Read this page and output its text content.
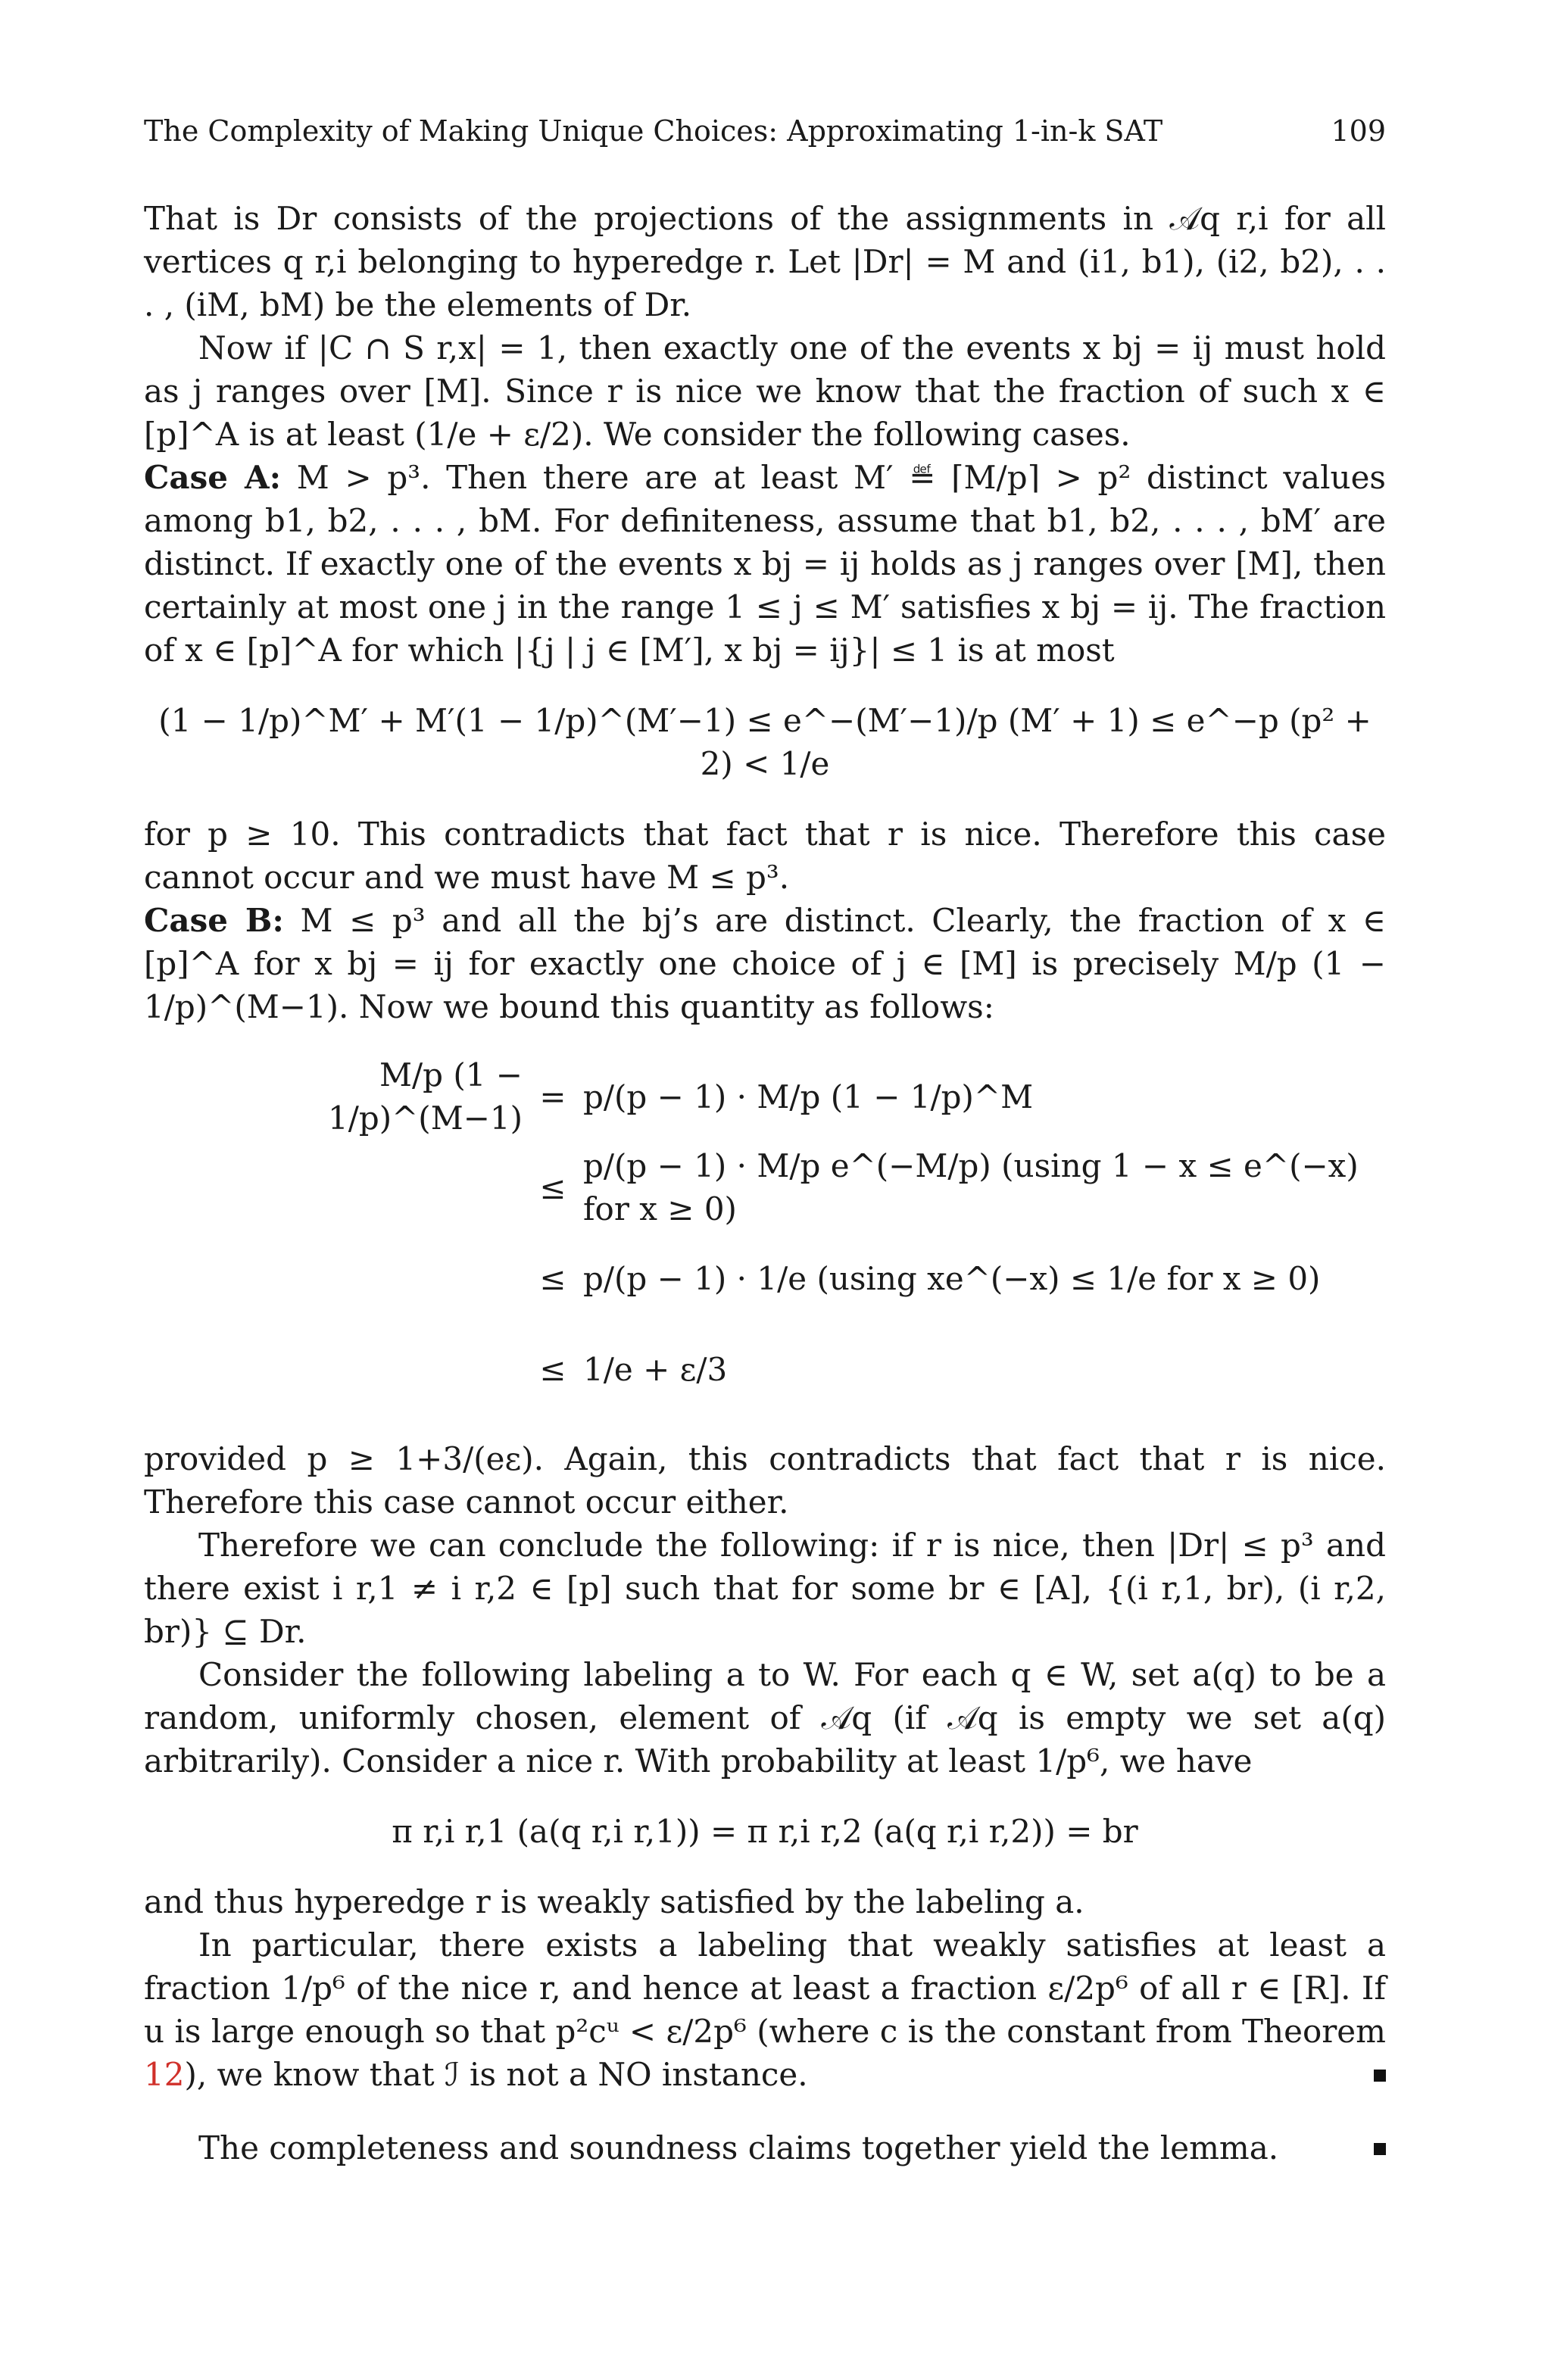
The Complexity of Making Unique Choices: Approximating 1-in-k SAT	109

That is Dr consists of the projections of the assignments in 𝒜q r,i for all vertices q r,i belonging to hyperedge r. Let |Dr| = M and (i1, b1), (i2, b2), . . . , (iM, bM) be the elements of Dr.

Now if |C ∩ S r,x| = 1, then exactly one of the events x bj = ij must hold as j ranges over [M]. Since r is nice we know that the fraction of such x ∈ [p]^A is at least (1/e + ε/2). We consider the following cases.

Case A: M > p³. Then there are at least M′ ≝ ⌈M/p⌉ > p² distinct values among b1, b2, . . . , bM. For definiteness, assume that b1, b2, . . . , bM′ are distinct. If exactly one of the events x bj = ij holds as j ranges over [M], then certainly at most one j in the range 1 ≤ j ≤ M′ satisfies x bj = ij. The fraction of x ∈ [p]^A for which |{j | j ∈ [M′], x bj = ij}| ≤ 1 is at most

(1 − 1/p)^M′ + M′(1 − 1/p)^(M′−1) ≤ e^−(M′−1)/p (M′ + 1) ≤ e^−p (p² + 2) < 1/e

for p ≥ 10. This contradicts that fact that r is nice. Therefore this case cannot occur and we must have M ≤ p³.

Case B: M ≤ p³ and all the bj’s are distinct. Clearly, the fraction of x ∈ [p]^A for x bj = ij for exactly one choice of j ∈ [M] is precisely M/p (1 − 1/p)^(M−1). Now we bound this quantity as follows:

M/p (1 − 1/p)^(M−1)
= p/(p − 1) · M/p (1 − 1/p)^M
≤
p/(p − 1) · M/p e^(−M/p) (using 1 − x ≤ e^(−x) for x ≥ 0)
≤ p/(p − 1) · 1/e (using xe^(−x) ≤ 1/e for x ≥ 0)
≤ 1/e + ε/3

provided p ≥ 1+3/(eε). Again, this contradicts that fact that r is nice. Therefore this case cannot occur either.

Therefore we can conclude the following: if r is nice, then |Dr| ≤ p³ and there exist i r,1 ≠ i r,2 ∈ [p] such that for some br ∈ [A], {(i r,1, br), (i r,2, br)} ⊆ Dr.

Consider the following labeling a to W. For each q ∈ W, set a(q) to be a random, uniformly chosen, element of 𝒜q (if 𝒜q is empty we set a(q) arbitrarily). Consider a nice r. With probability at least 1/p⁶, we have

π r,i r,1 (a(q r,i r,1)) = π r,i r,2 (a(q r,i r,2)) = br

and thus hyperedge r is weakly satisfied by the labeling a.

In particular, there exists a labeling that weakly satisfies at least a fraction 1/p⁶ of the nice r, and hence at least a fraction ε/2p⁶ of all r ∈ [R]. If u is large enough so that p²cᵘ < ε/2p⁶ (where c is the constant from Theorem 12), we know that ℐ is not a NO instance.

The completeness and soundness claims together yield the lemma.
